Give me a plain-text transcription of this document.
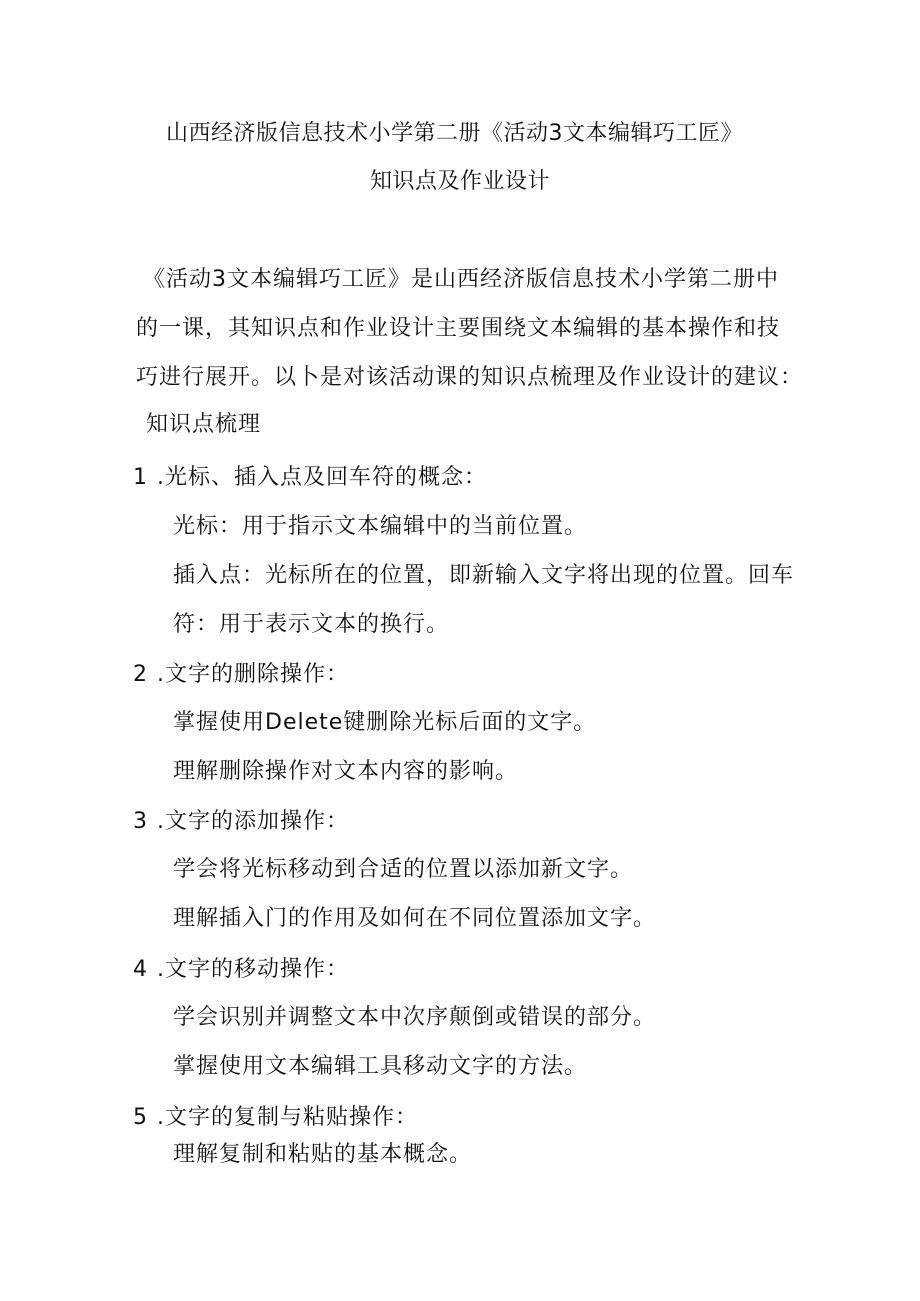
山西经济版信息技术小学第二册《活动3文本编辑巧工匠》
知识点及作业设计
《活动3文本编辑巧工匠》是山西经济版信息技术小学第二册中
的一课，其知识点和作业设计主要围绕文本编辑的基本操作和技
巧进行展开。以卜是对该活动课的知识点梳理及作业设计的建议：
知识点梳理
1 .光标、插入点及回车符的概念：
光标：用于指示文本编辑中的当前位置。
插入点：光标所在的位置，即新输入文字将出现的位置。回车
符：用于表示文本的换行。
2 .文字的删除操作：
掌握使用Delete键删除光标后面的文字。
理解删除操作对文本内容的影响。
3 .文字的添加操作：
学会将光标移动到合适的位置以添加新文字。
理解插入门的作用及如何在不同位置添加文字。
4 .文字的移动操作：
学会识别并调整文本中次序颠倒或错误的部分。
掌握使用文本编辑工具移动文字的方法。
5 .文字的复制与粘贴操作：
理解复制和粘贴的基本概念。
